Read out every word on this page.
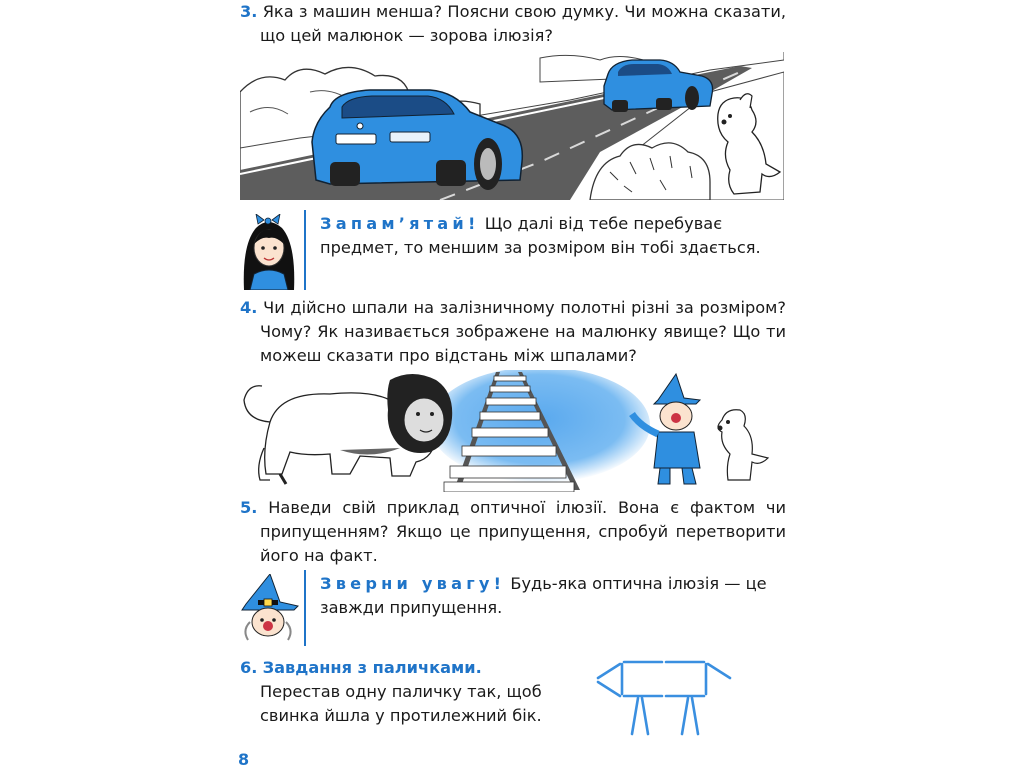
3. Яка з машин менша? Поясни свою думку. Чи можна сказати, що цей малюнок — зорова ілюзія?

Запам’ятай! Що далі від тебе перебуває предмет, то меншим за розміром він тобі здається.

4. Чи дійсно шпали на залізничному полотні різні за розміром? Чому? Як називається зображене на малюнку явище? Що ти можеш сказати про відстань між шпалами?

5. Наведи свій приклад оптичної ілюзії. Вона є фактом чи припущенням? Якщо це припущення, спробуй перетворити його на факт.

Зверни увагу! Будь-яка оптична ілюзія — це завжди припущення.

6. Завдання з паличками.

Перестав одну паличку так, щоб свинка йшла у протилежний бік.

8
